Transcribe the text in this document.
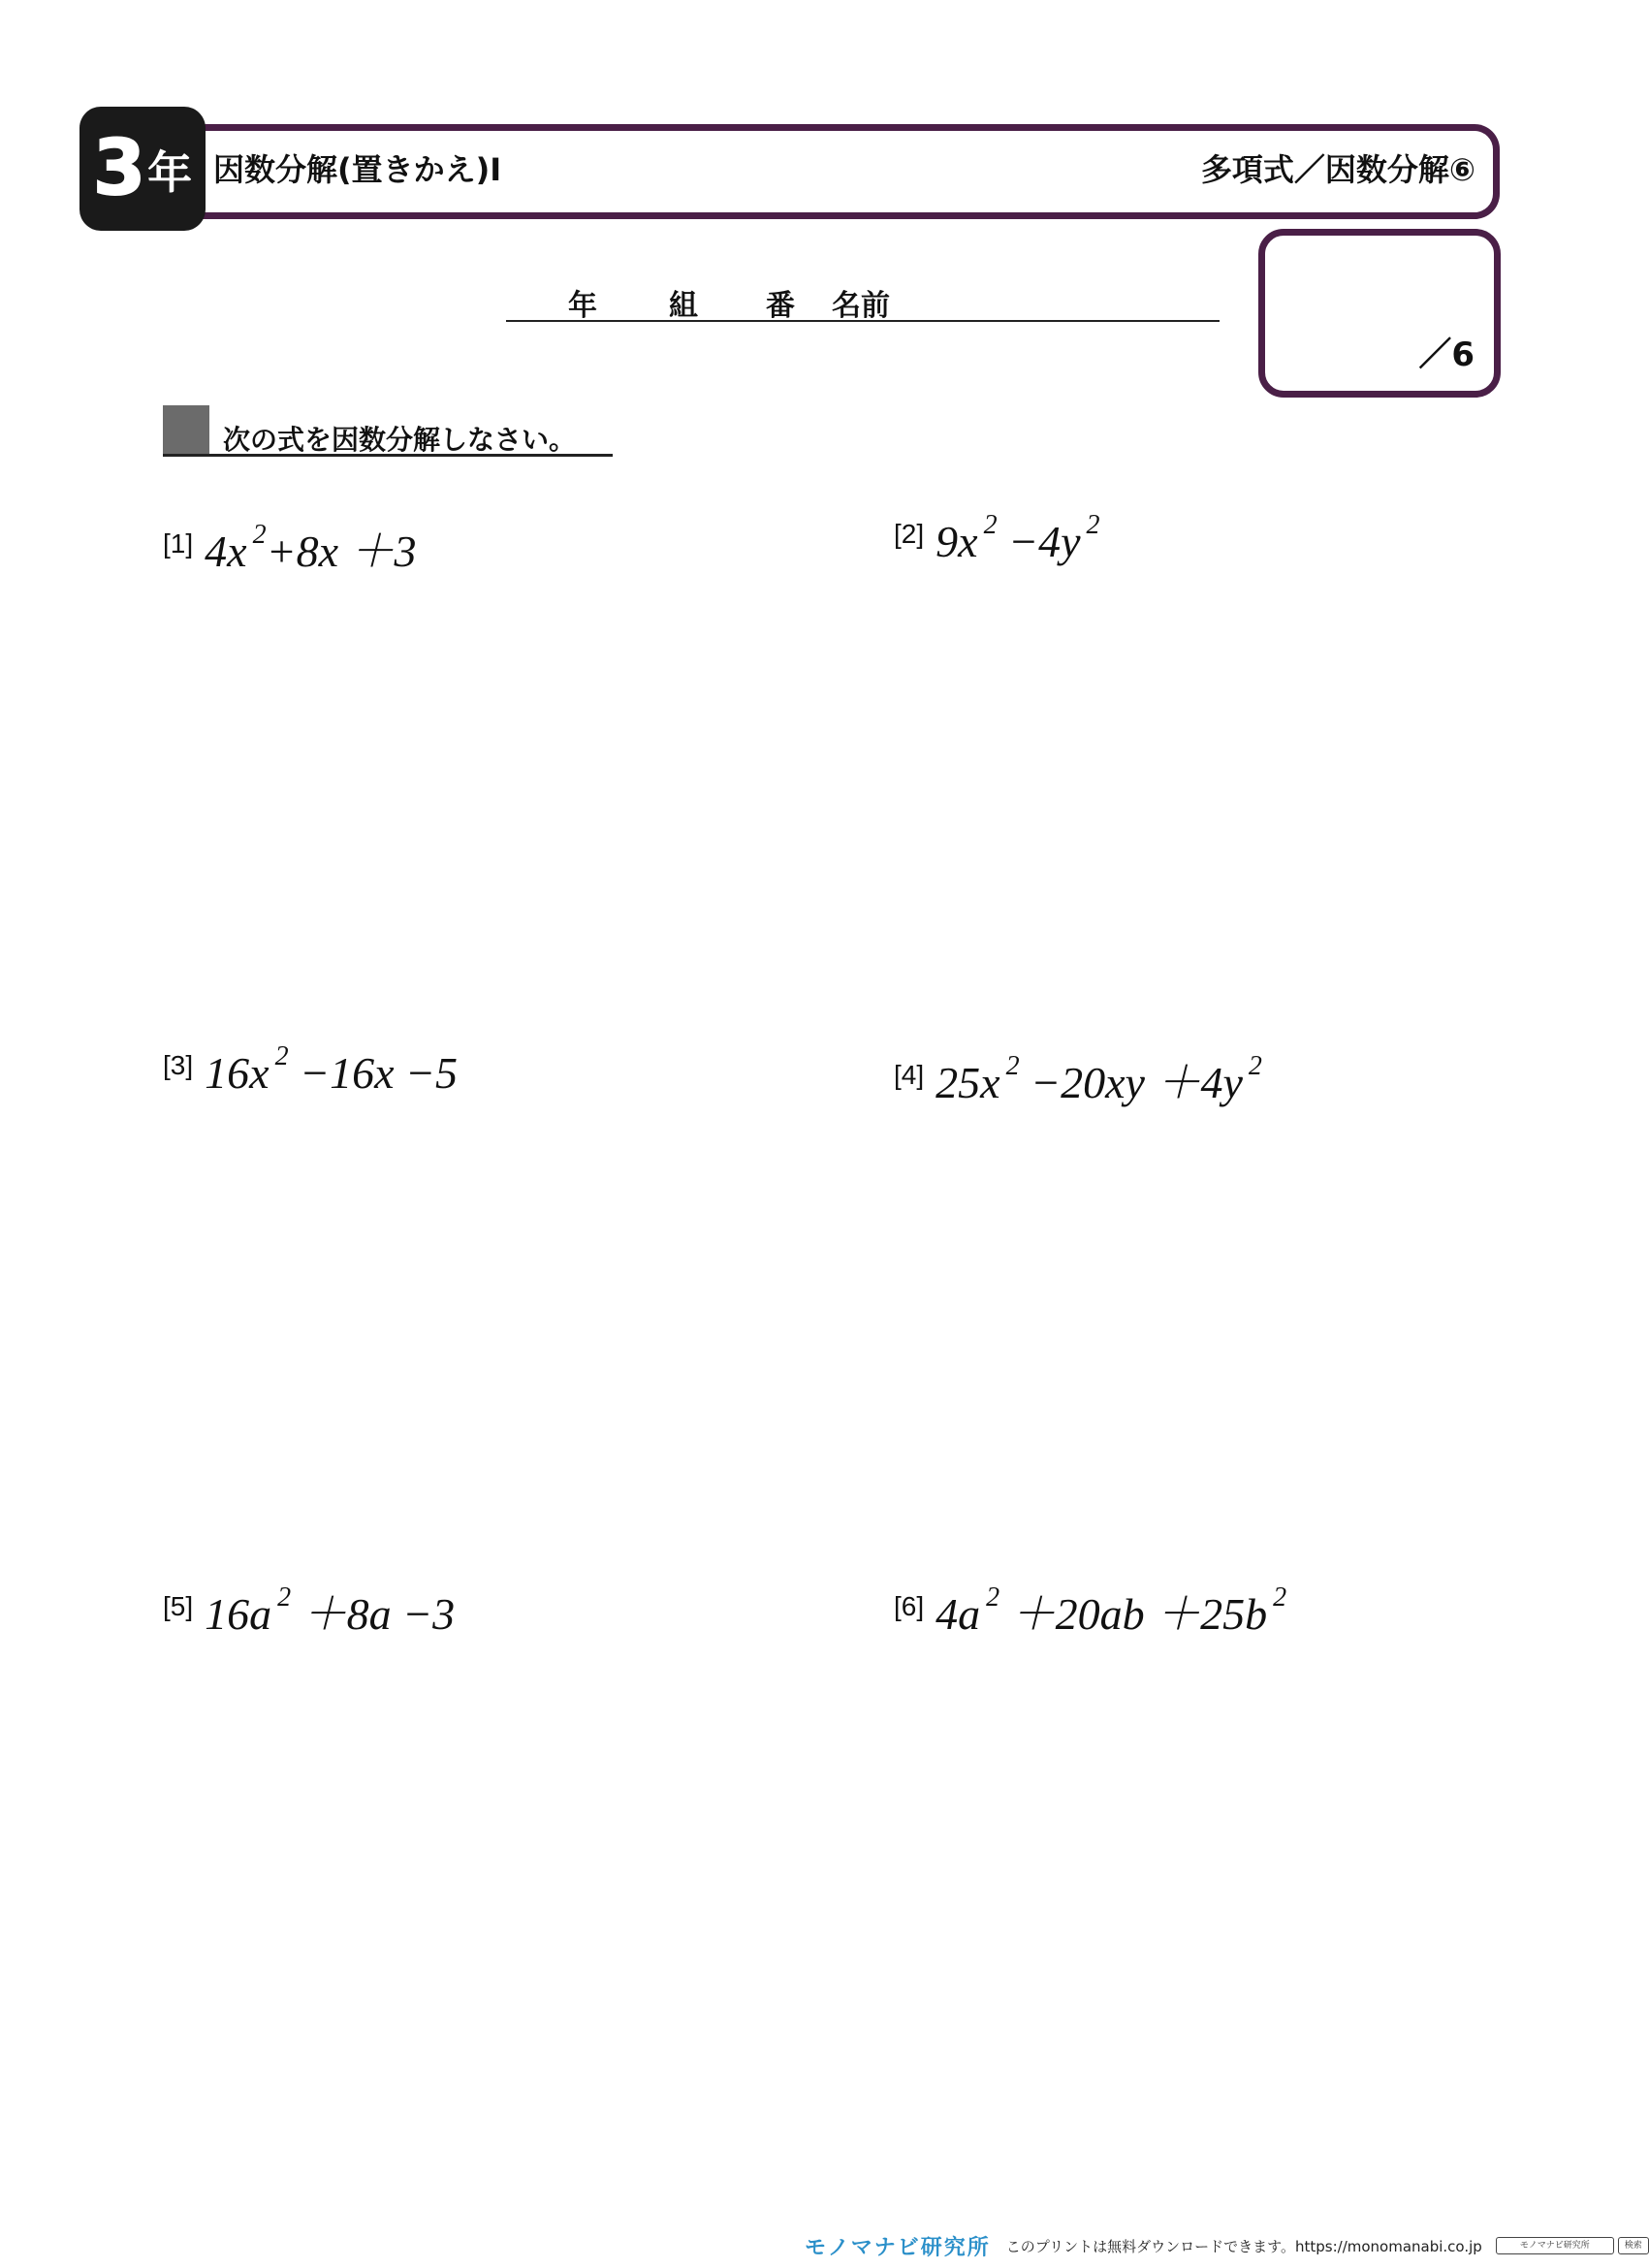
3 年 因数分解(置きかえ)Ⅰ	多項式／因数分解⑥
年 組 番 名前
／6
次の式を因数分解しなさい。
[1] 4x $^2$+8x ＋3	[2] 9x $^2$ −4y $^2$
[3] 16x $^2$ −16x −5	[4] 25x $^2$ −20xy ＋4y $^2$
[5] 16a $^2$ ＋8a −3	[6] 4a $^2$ ＋20ab ＋25b $^2$
モノマナビ研究所 このプリントは無料ダウンロードできます。https://monomanabi.co.jp	モノマナビ研究所	検索
